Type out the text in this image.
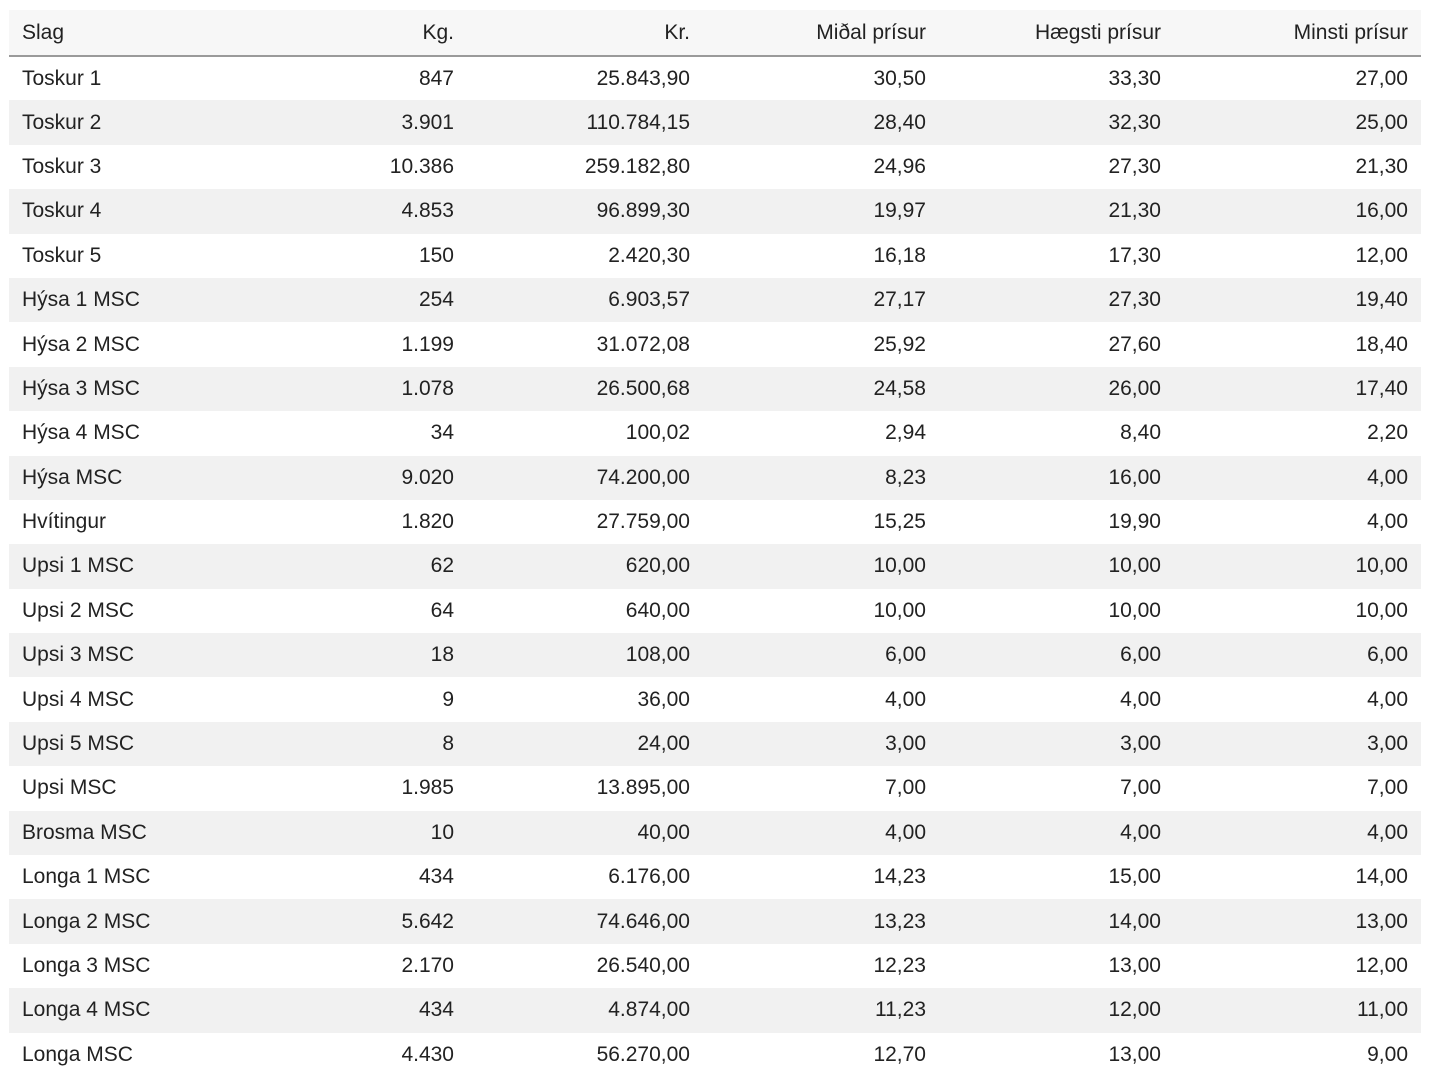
Slag	Kg.	Kr.	Miðal prísur	Hægsti prísur	Minsti prísur
Toskur 1	847	25.843,90	30,50	33,30	27,00
Toskur 2	3.901	110.784,15	28,40	32,30	25,00
Toskur 3	10.386	259.182,80	24,96	27,30	21,30
Toskur 4	4.853	96.899,30	19,97	21,30	16,00
Toskur 5	150	2.420,30	16,18	17,30	12,00
Hýsa 1 MSC	254	6.903,57	27,17	27,30	19,40
Hýsa 2 MSC	1.199	31.072,08	25,92	27,60	18,40
Hýsa 3 MSC	1.078	26.500,68	24,58	26,00	17,40
Hýsa 4 MSC	34	100,02	2,94	8,40	2,20
Hýsa MSC	9.020	74.200,00	8,23	16,00	4,00
Hvítingur	1.820	27.759,00	15,25	19,90	4,00
Upsi 1 MSC	62	620,00	10,00	10,00	10,00
Upsi 2 MSC	64	640,00	10,00	10,00	10,00
Upsi 3 MSC	18	108,00	6,00	6,00	6,00
Upsi 4 MSC	9	36,00	4,00	4,00	4,00
Upsi 5 MSC	8	24,00	3,00	3,00	3,00
Upsi MSC	1.985	13.895,00	7,00	7,00	7,00
Brosma MSC	10	40,00	4,00	4,00	4,00
Longa 1 MSC	434	6.176,00	14,23	15,00	14,00
Longa 2 MSC	5.642	74.646,00	13,23	14,00	13,00
Longa 3 MSC	2.170	26.540,00	12,23	13,00	12,00
Longa 4 MSC	434	4.874,00	11,23	12,00	11,00
Longa MSC	4.430	56.270,00	12,70	13,00	9,00
